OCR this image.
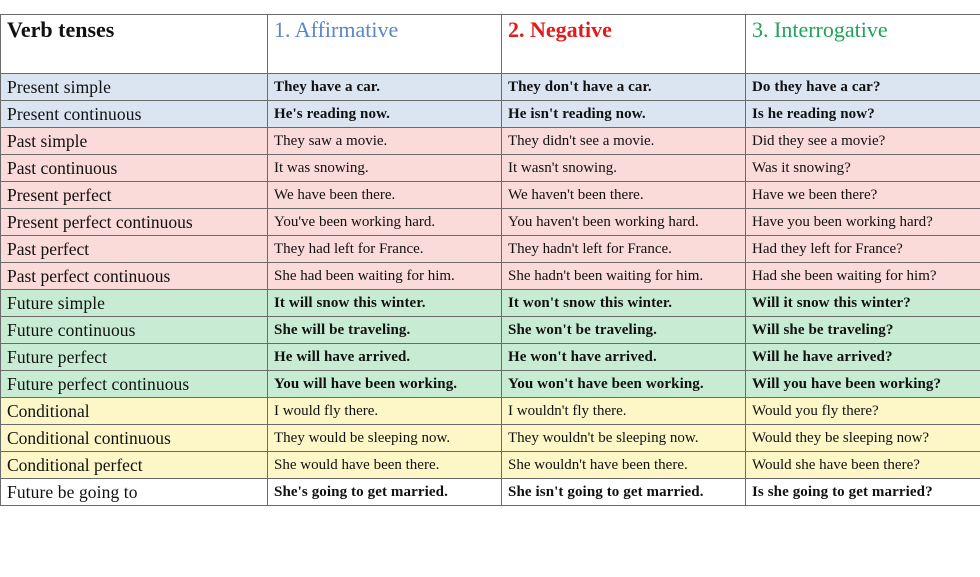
Verb tenses	1. Affirmative	2. Negative	3. Interrogative
Present simple	They have a car.	They don't have a car.	Do they have a car?
Present continuous	He's reading now.	He isn't reading now.	Is he reading now?
Past simple	They saw a movie.	They didn't see a movie.	Did they see a movie?
Past continuous	It was snowing.	It wasn't snowing.	Was it snowing?
Present perfect	We have been there.	We haven't been there.	Have we been there?
Present perfect continuous	You've been working hard.	You haven't been working hard.	Have you been working hard?
Past perfect	They had left for France.	They hadn't left for France.	Had they left for France?
Past perfect continuous	She had been waiting for him.	She hadn't been waiting for him.	Had she been waiting for him?
Future simple	It will snow this winter.	It won't snow this winter.	Will it snow this winter?
Future continuous	She will be traveling.	She won't be traveling.	Will she be traveling?
Future perfect	He will have arrived.	He won't have arrived.	Will he have arrived?
Future perfect continuous	You will have been working.	You won't have been working.	Will you have been working?
Conditional	I would fly there.	I wouldn't fly there.	Would you fly there?
Conditional continuous	They would be sleeping now.	They wouldn't be sleeping now.	Would they be sleeping now?
Conditional perfect	She would have been there.	She wouldn't have been there.	Would she have been there?
Future be going to	She's going to get married.	She isn't going to get married.	Is she going to get married?
